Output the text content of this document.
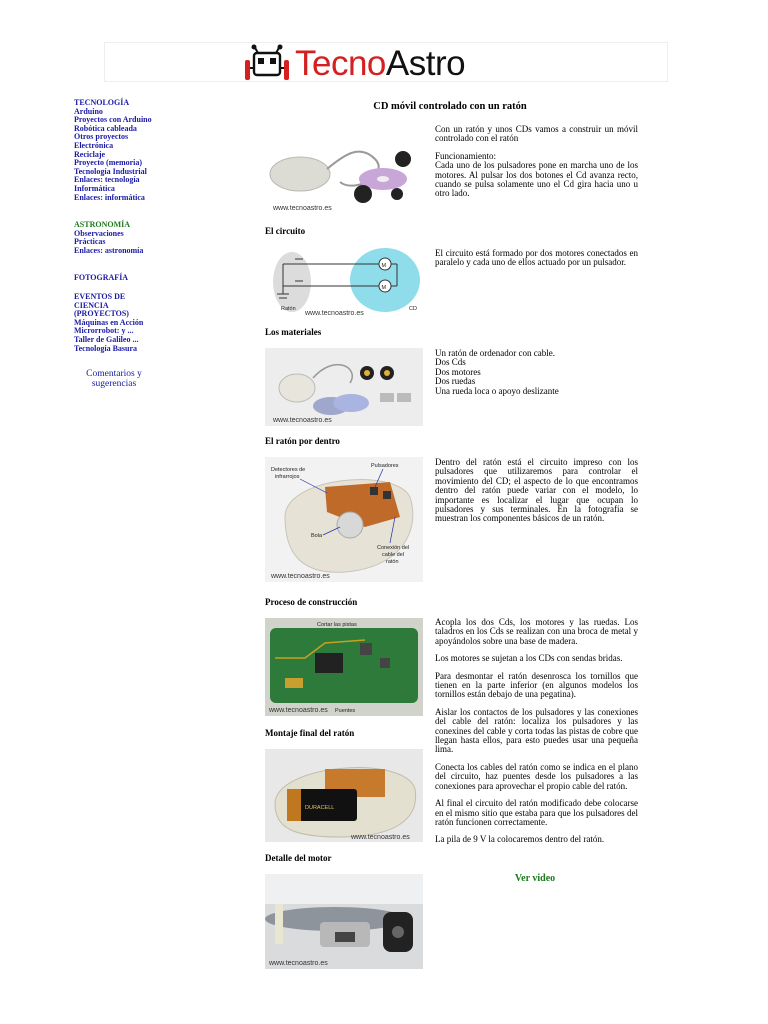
TecnoAstro
TECNOLOGÍA
Arduino
Proyectos con Arduino
Robótica cableada
Otros proyectos
Electrónica
Reciclaje
Proyecto (memoria)
Tecnología Industrial
Enlaces: tecnología
Informática
Enlaces: informática
ASTRONOMÍA
Observaciones
Prácticas
Enlaces: astronomía
FOTOGRAFÍA
EVENTOS DE
CIENCIA
(PROYECTOS)
Máquinas en Acción
Microrrobot: y ...
Taller de Galileo ...
Tecnología Basura
Comentarios y
sugerencias
CD móvil controlado con un ratón
www.tecnoastro.es

Con un ratón y unos CDs vamos a construir un móvil controlado con el ratón

Funcionamiento:
Cada uno de los pulsadores pone en marcha uno de los motores. Al pulsar los dos botones el Cd avanza recto, cuando se pulsa solamente uno el Cd gira hacia uno u otro lado.
El circuito
M
M
Ratón	CD
www.tecnoastro.es
El circuito está formado por dos motores conectados en paralelo y cada uno de ellos actuado por un pulsador.
Los materiales
www.tecnoastro.es
Un ratón de ordenador con cable.
Dos Cds
Dos motores
Dos ruedas
Una rueda loca o apoyo deslizante
El ratón por dentro
Detectores de
infrarrojos
Pulsadores
Bola
Conexión del
cable del
ratón
www.tecnoastro.es
Dentro del ratón está el circuito impreso con los pulsadores que utilizaremos para controlar el movimiento del CD; el aspecto de lo que encontramos dentro del ratón puede variar con el modelo, lo importante es localizar el lugar que ocupan lo pulsadores y sus terminales. En la fotografía se muestran los componentes básicos de un ratón.
Proceso de construcción
Cortar las pistas
Puentes
www.tecnoastro.es

Acopla los dos Cds, los motores y las ruedas. Los taladros en los Cds se realizan con una broca de metal y apoyándolos sobre una base de madera.

Los motores se sujetan a los CDs con sendas bridas.

Para desmontar el ratón desenrosca los tornillos que tienen en la parte inferior (en algunos modelos los tornillos están debajo de una pegatina).

Aislar los contactos de los pulsadores y las conexiones del cable del ratón: localiza los pulsadores y las conexines del cable y corta todas las pistas de cobre que llegan hasta ellos, para esto puedes usar una pequeña lima.

Conecta los cables del ratón como se indica en el plano del circuito, haz puentes desde los pulsadores a las conexiones para aprovechar el propio cable del ratón.

Al final el circuito del ratón modificado debe colocarse en el mismo sitio que estaba para que los pulsadores del ratón funcionen correctamente.

La pila de 9 V la colocaremos dentro del ratón.

Montaje final del ratón
DURACELL
www.tecnoastro.es
Detalle del motor
www.tecnoastro.es
Ver video
